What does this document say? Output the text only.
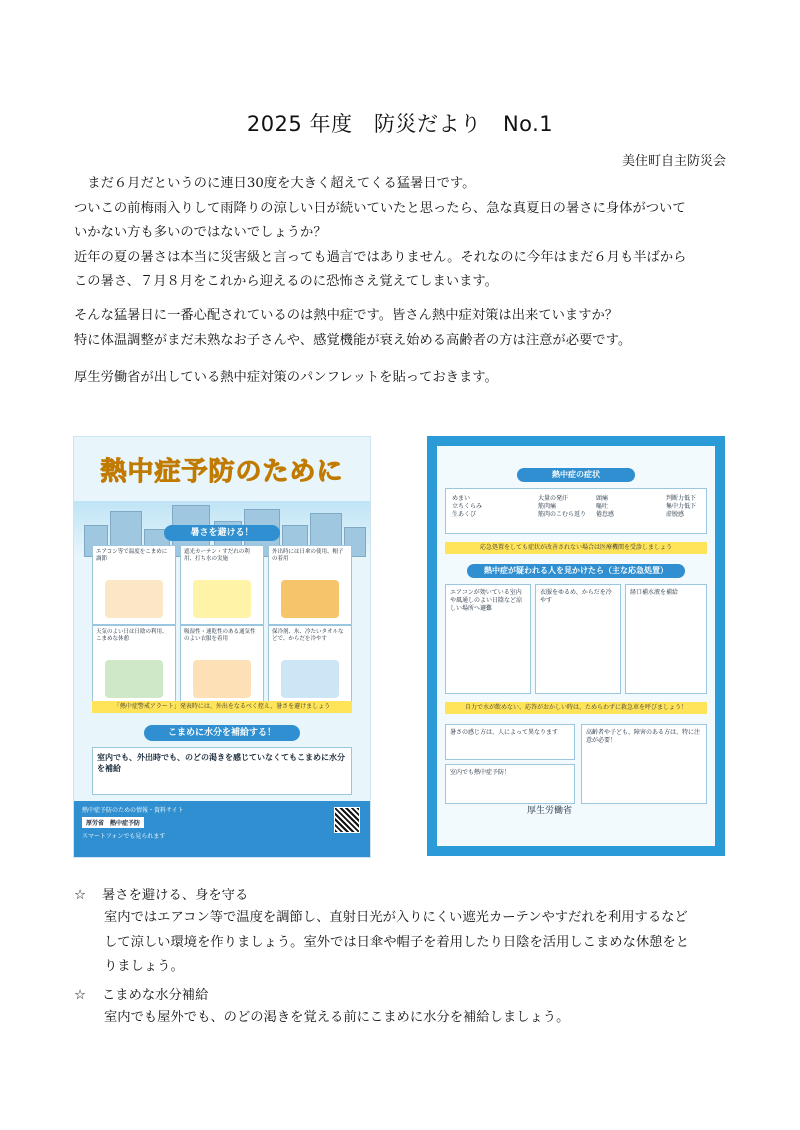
2025 年度　防災だより　No.1
美住町自主防災会

　まだ６月だというのに連日30度を大きく超えてくる猛暑日です。

ついこの前梅雨入りして雨降りの涼しい日が続いていたと思ったら、急な真夏日の暑さに身体がついて

いかない方も多いのではないでしょうか？

近年の夏の暑さは本当に災害級と言っても過言ではありません。それなのに今年はまだ６月も半ばから

この暑さ、７月８月をこれから迎えるのに恐怖さえ覚えてしまいます。

そんな猛暑日に一番心配されているのは熱中症です。皆さん熱中症対策は出来ていますか？

特に体温調整がまだ未熟なお子さんや、感覚機能が衰え始める高齢者の方は注意が必要です。

厚生労働省が出している熱中症対策のパンフレットを貼っておきます。

熱中症予防のために
暑さを避ける！
エアコン等で温度をこまめに調節
遮光カーテン・すだれの利用、打ち水の実施
外出時には日傘の使用、帽子の着用
天気のよい日は日陰の利用、こまめな休憩
吸湿性・速乾性のある通気性のよい衣服を着用
保冷剤、氷、冷たいタオルなどで、からだを冷やす
「熱中症警戒アラート」発表時には、外出をなるべく控え、暑さを避けましょう
こまめに水分を補給する！
室内でも、外出時でも、のどの渇きを感じていなくてもこまめに水分を補給
熱中症予防のための情報・資料サイト
厚労省　熱中症予防
スマートフォンでも見られます
熱中症の症状
めまい
立ちくらみ
生あくび
大量の発汗
筋肉痛
筋肉のこむら返り
頭痛
嘔吐
倦怠感
判断力低下
集中力低下
虚脱感
応急処置をしても症状が改善されない場合は医療機関を受診しましょう
熱中症が疑われる人を見かけたら（主な応急処置）
エアコンが効いている室内や風通しのよい日陰など涼しい場所へ避難
衣服をゆるめ、からだを冷やす
経口補水液を補給
自力で水が飲めない、応答がおかしい時は、ためらわずに救急車を呼びましょう！
暑さの感じ方は、人によって異なります
室内でも熱中症予防！
高齢者や子ども、障害のある方は、特に注意が必要！
厚生労働省
☆ 暑さを避ける、身を守る
室内ではエアコン等で温度を調節し、直射日光が入りにくい遮光カーテンやすだれを利用するなど
して涼しい環境を作りましょう。室外では日傘や帽子を着用したり日陰を活用しこまめな休憩をと
りましょう。
☆ こまめな水分補給
室内でも屋外でも、のどの渇きを覚える前にこまめに水分を補給しましょう。
